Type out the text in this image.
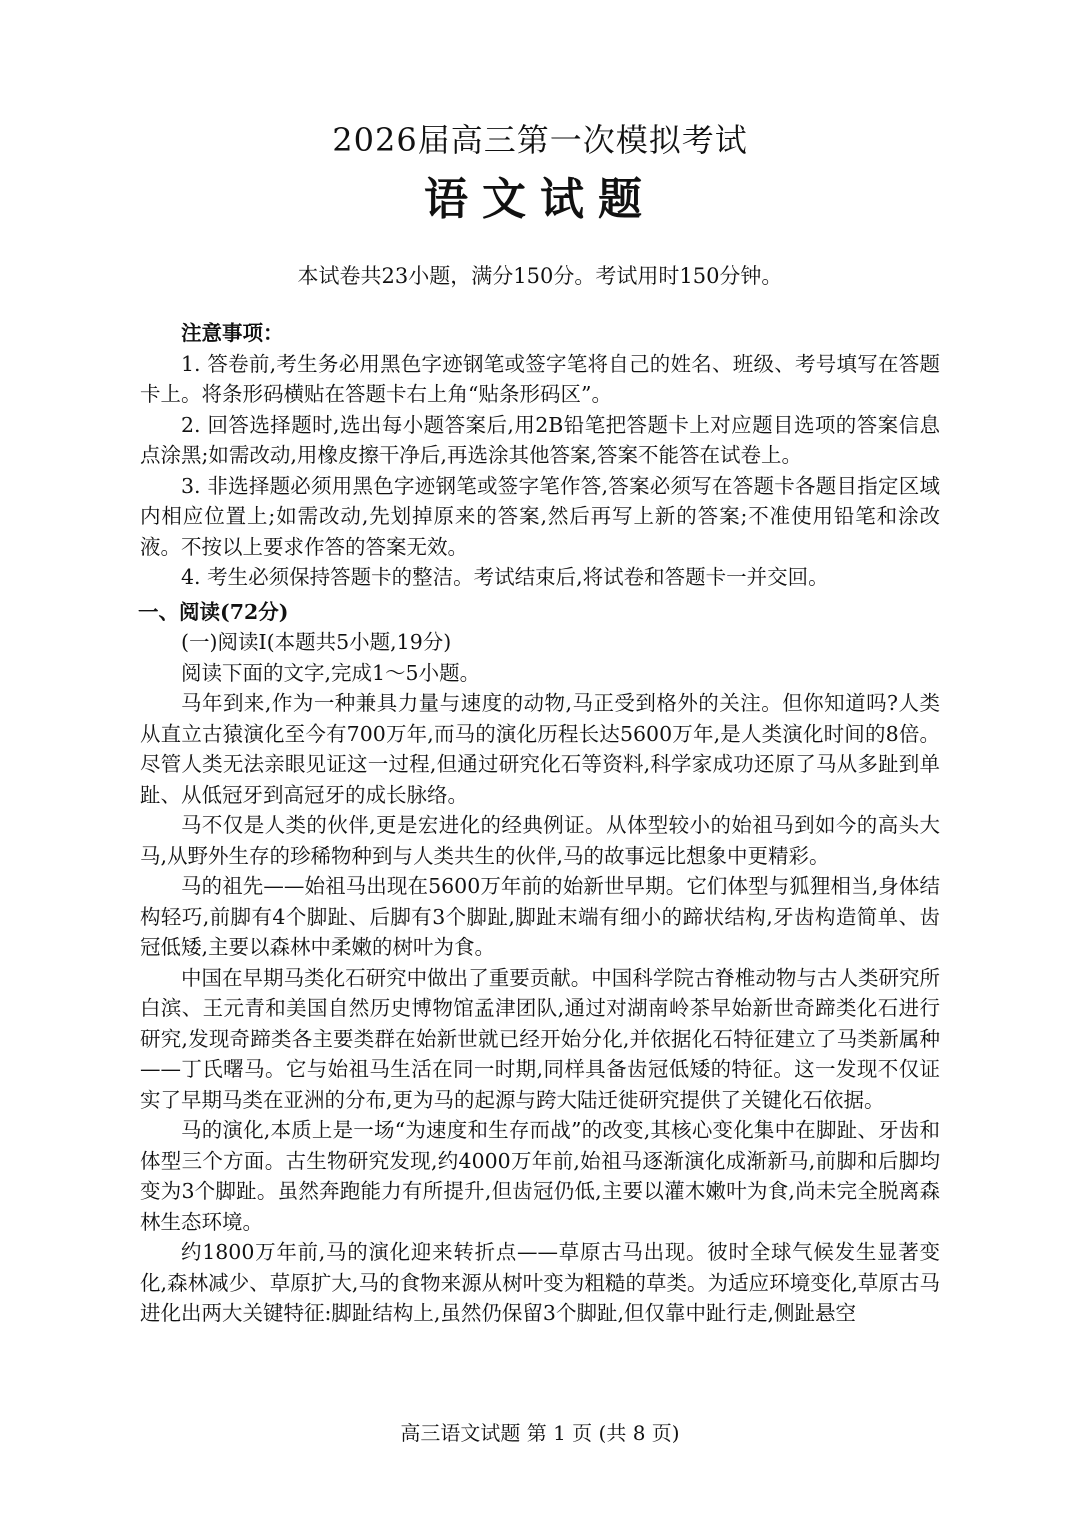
2026届高三第一次模拟考试
语文试题
本试卷共23小题，满分150分。考试用时150分钟。

注意事项：

1. 答卷前,考生务必用黑色字迹钢笔或签字笔将自己的姓名、班级、考号填写在答题卡上。将条形码横贴在答题卡右上角“贴条形码区”。

2. 回答选择题时,选出每小题答案后,用2B铅笔把答题卡上对应题目选项的答案信息点涂黑;如需改动,用橡皮擦干净后,再选涂其他答案,答案不能答在试卷上。

3. 非选择题必须用黑色字迹钢笔或签字笔作答,答案必须写在答题卡各题目指定区域内相应位置上;如需改动,先划掉原来的答案,然后再写上新的答案;不准使用铅笔和涂改液。不按以上要求作答的答案无效。

4. 考生必须保持答题卡的整洁。考试结束后,将试卷和答题卡一并交回。

一、阅读(72分)

(一)阅读Ⅰ(本题共5小题,19分)

阅读下面的文字,完成1～5小题。

马年到来,作为一种兼具力量与速度的动物,马正受到格外的关注。但你知道吗?人类从直立古猿演化至今有700万年,而马的演化历程长达5600万年,是人类演化时间的8倍。尽管人类无法亲眼见证这一过程,但通过研究化石等资料,科学家成功还原了马从多趾到单趾、从低冠牙到高冠牙的成长脉络。

马不仅是人类的伙伴,更是宏进化的经典例证。从体型较小的始祖马到如今的高头大马,从野外生存的珍稀物种到与人类共生的伙伴,马的故事远比想象中更精彩。

马的祖先——始祖马出现在5600万年前的始新世早期。它们体型与狐狸相当,身体结构轻巧,前脚有4个脚趾、后脚有3个脚趾,脚趾末端有细小的蹄状结构,牙齿构造简单、齿冠低矮,主要以森林中柔嫩的树叶为食。

中国在早期马类化石研究中做出了重要贡献。中国科学院古脊椎动物与古人类研究所白滨、王元青和美国自然历史博物馆孟津团队,通过对湖南岭茶早始新世奇蹄类化石进行研究,发现奇蹄类各主要类群在始新世就已经开始分化,并依据化石特征建立了马类新属种——丁氏曙马。它与始祖马生活在同一时期,同样具备齿冠低矮的特征。这一发现不仅证实了早期马类在亚洲的分布,更为马的起源与跨大陆迁徙研究提供了关键化石依据。

马的演化,本质上是一场“为速度和生存而战”的改变,其核心变化集中在脚趾、牙齿和体型三个方面。古生物研究发现,约4000万年前,始祖马逐渐演化成渐新马,前脚和后脚均变为3个脚趾。虽然奔跑能力有所提升,但齿冠仍低,主要以灌木嫩叶为食,尚未完全脱离森林生态环境。

约1800万年前,马的演化迎来转折点——草原古马出现。彼时全球气候发生显著变化,森林减少、草原扩大,马的食物来源从树叶变为粗糙的草类。为适应环境变化,草原古马进化出两大关键特征:脚趾结构上,虽然仍保留3个脚趾,但仅靠中趾行走,侧趾悬空

高三语文试题 第 1 页 (共 8 页)
